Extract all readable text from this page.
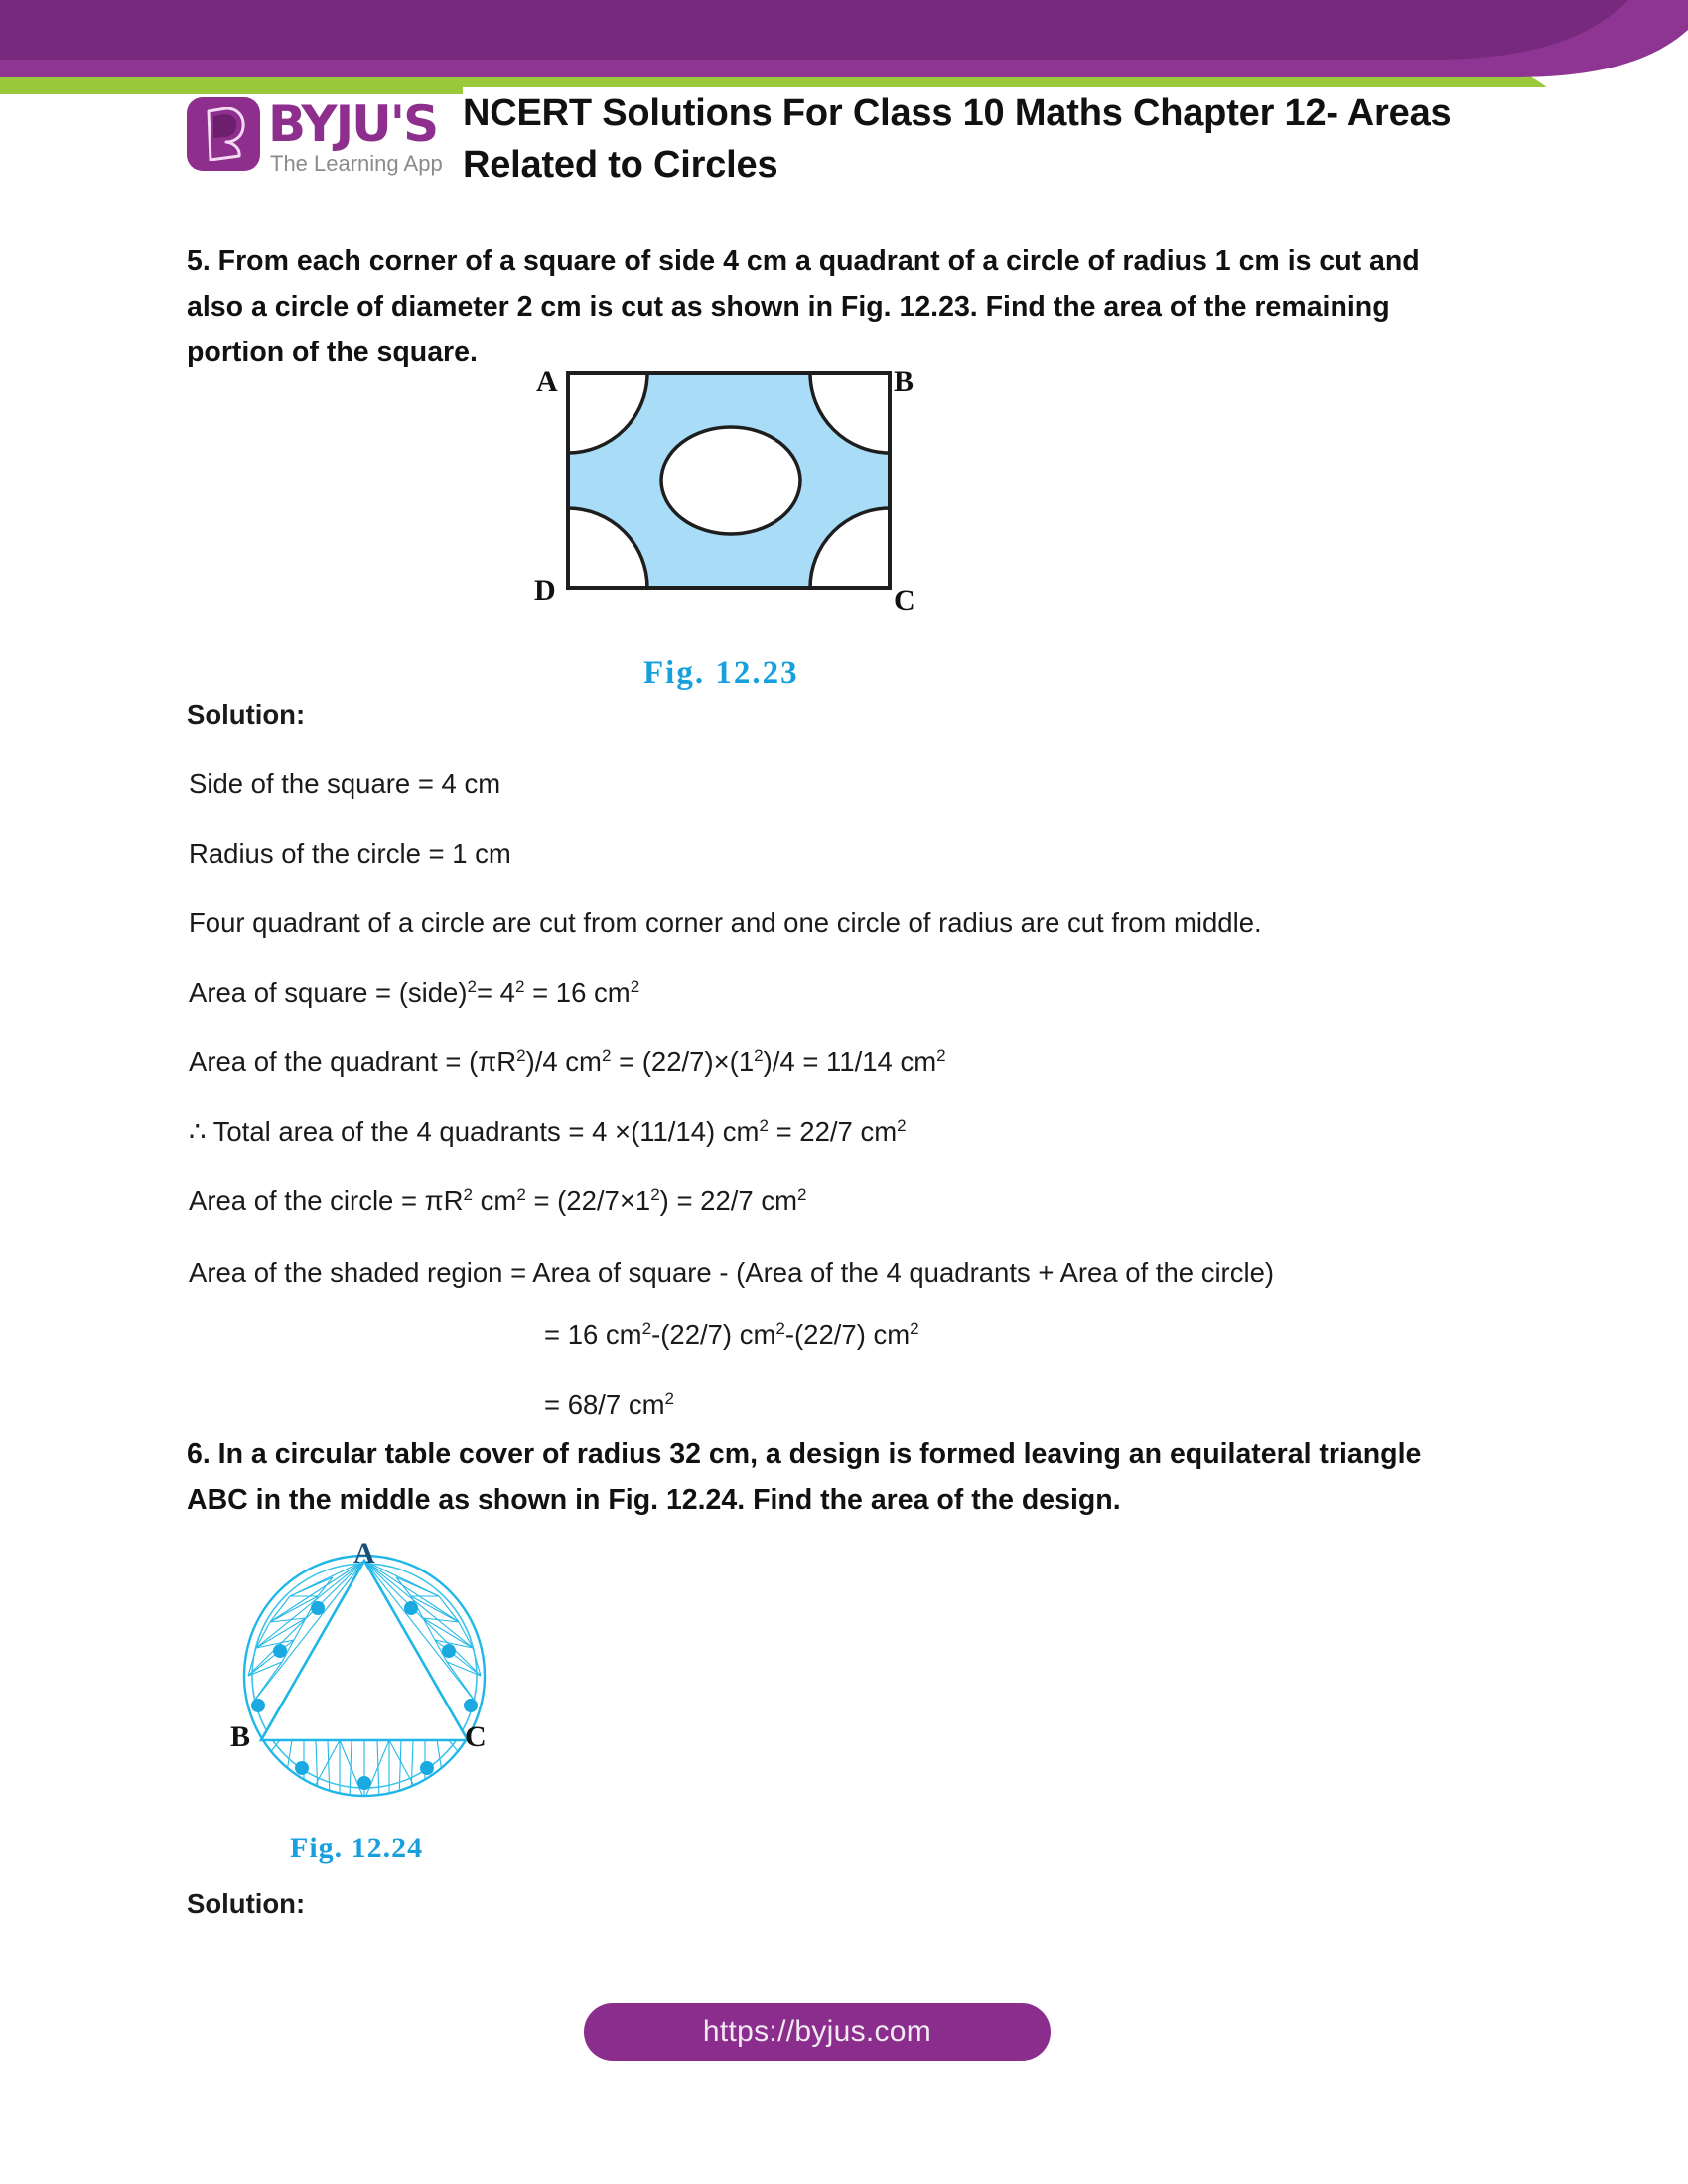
BYJU'S
The Learning App
NCERT Solutions For Class 10 Maths Chapter 12- Areas Related to Circles
5. From each corner of a square of side 4 cm a quadrant of a circle of radius 1 cm is cut and also a circle of diameter 2 cm is cut as shown in Fig. 12.23. Find the area of the remaining portion of the square.
A	B
D	C
Fig. 12.23
Solution:
Side of the square = 4 cm
Radius of the circle = 1 cm
Four quadrant of a circle are cut from corner and one circle of radius are cut from middle.
Area of square = (side)$^2$= $4^2 = 16$ $cm^2$
Area of the quadrant = $(\pi R^2)/4$ $cm^2 = (22/7)\times(1^2)/4 = 11/14$ $cm^2$
∴ Total area of the 4 quadrants = 4 ×(11/14) $cm^2 = 22/7$ $cm^2$
Area of the circle = $\pi R^2$ $cm^2 = (22/7\times 1^2) = 22/7$ $cm^2$
Area of the shaded region = Area of square - (Area of the 4 quadrants + Area of the circle)
= 16 $cm^2-(22/7)$ $cm^2-(22/7)$ $cm^2$
= 68/7 $cm^2$
6. In a circular table cover of radius 32 cm, a design is formed leaving an equilateral triangle ABC in the middle as shown in Fig. 12.24. Find the area of the design.
A
B	C
Fig. 12.24
Solution:
https://byjus.com
